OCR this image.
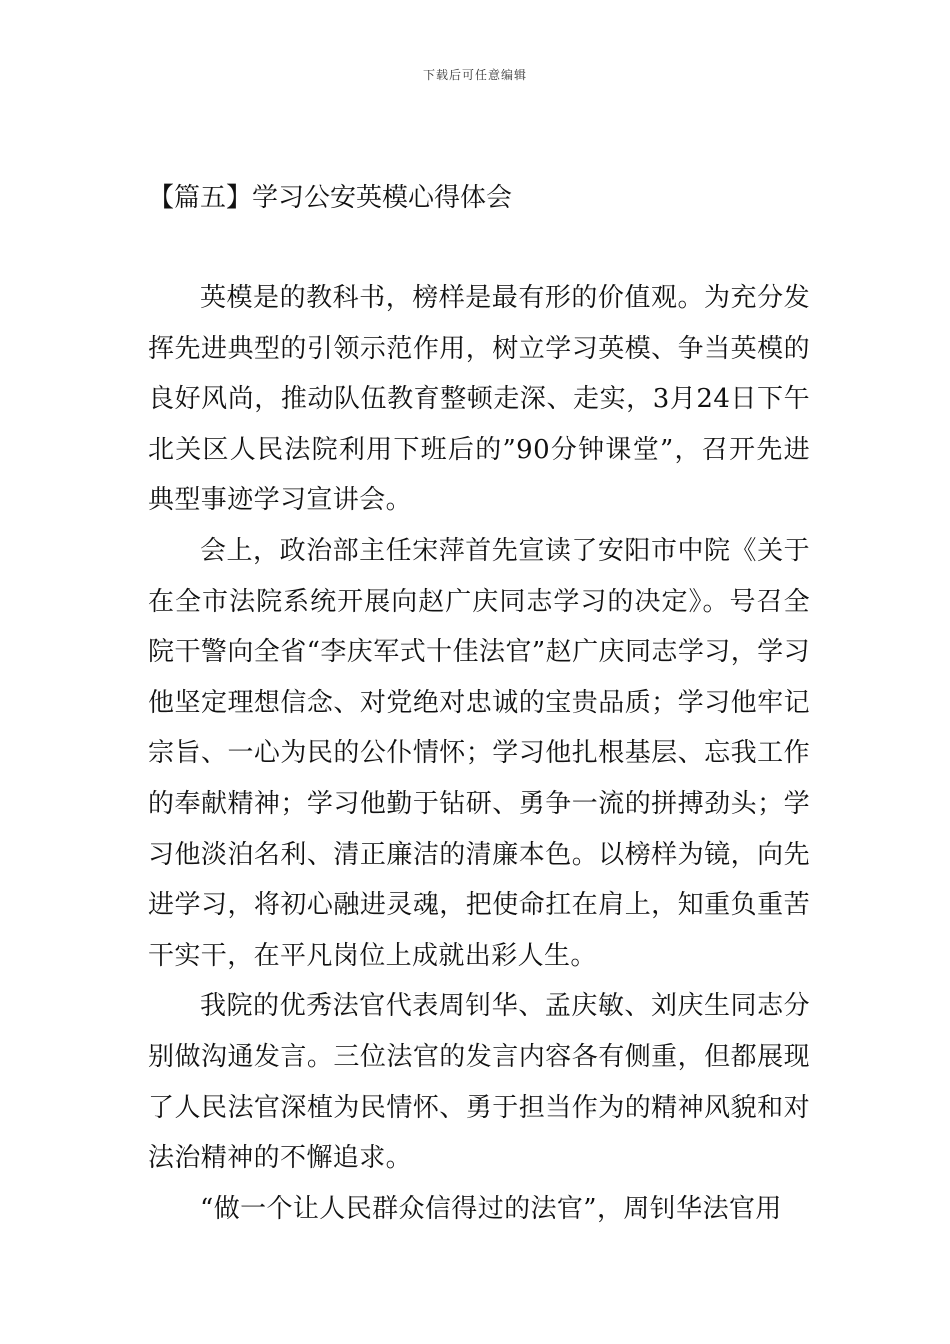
下载后可任意编辑
【篇五】学习公安英模心得体会

英模是的教科书，榜样是最有形的价值观。为充分发挥先进典型的引领示范作用，树立学习英模、争当英模的良好风尚，推动队伍教育整顿走深、走实，3月24日下午北关区人民法院利用下班后的”90分钟课堂”，召开先进典型事迹学习宣讲会。

会上，政治部主任宋萍首先宣读了安阳市中院《关于在全市法院系统开展向赵广庆同志学习的决定》。号召全院干警向全省“李庆军式十佳法官”赵广庆同志学习，学习他坚定理想信念、对党绝对忠诚的宝贵品质；学习他牢记宗旨、一心为民的公仆情怀；学习他扎根基层、忘我工作的奉献精神；学习他勤于钻研、勇争一流的拼搏劲头；学习他淡泊名利、清正廉洁的清廉本色。以榜样为镜，向先进学习，将初心融进灵魂，把使命扛在肩上，知重负重苦干实干，在平凡岗位上成就出彩人生。

我院的优秀法官代表周钊华、孟庆敏、刘庆生同志分别做沟通发言。三位法官的发言内容各有侧重，但都展现了人民法官深植为民情怀、勇于担当作为的精神风貌和对法治精神的不懈追求。

“做一个让人民群众信得过的法官”，周钊华法官用
